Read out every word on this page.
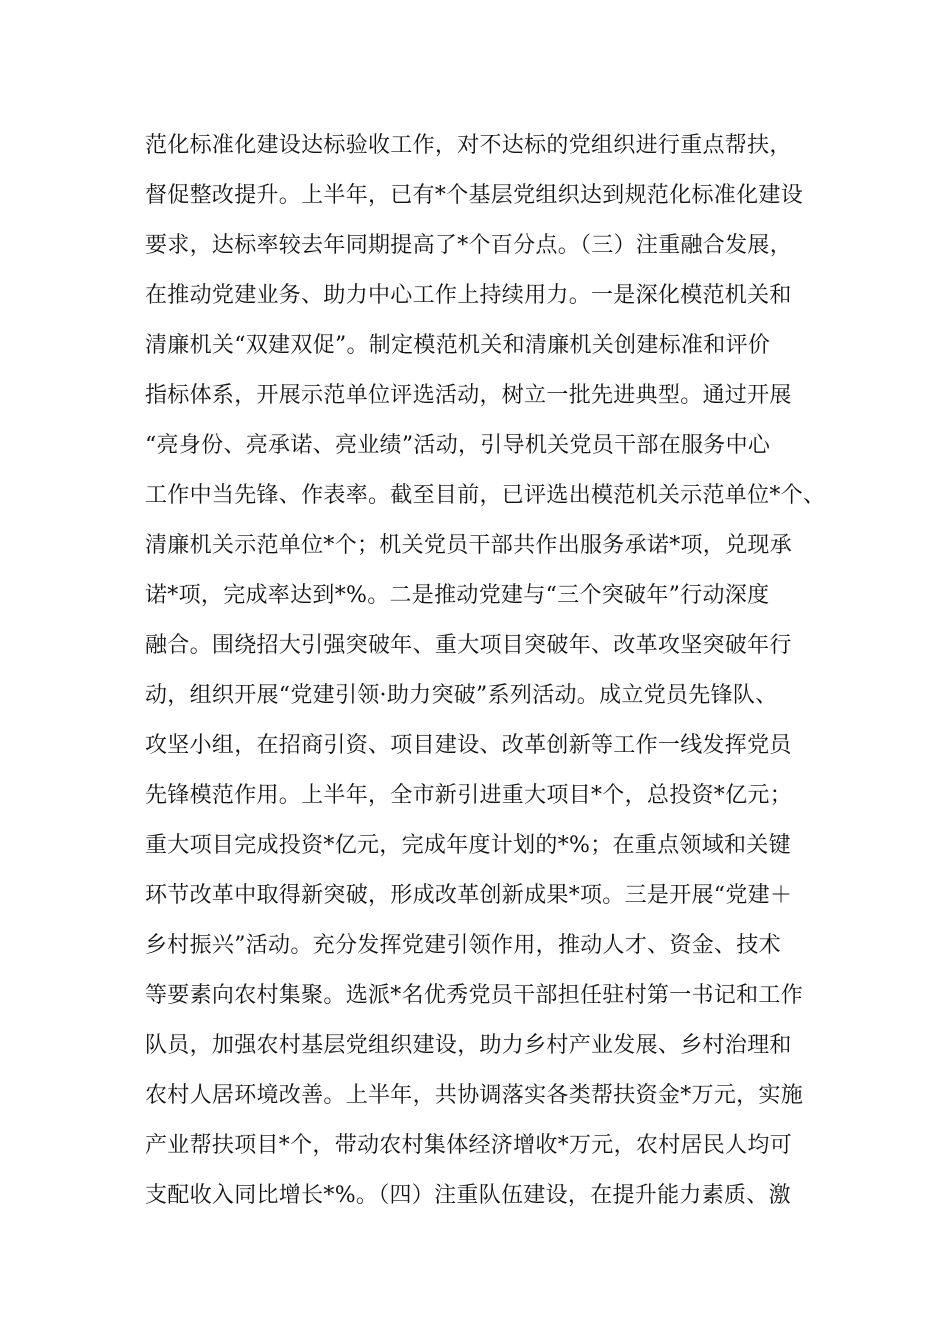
范化标准化建设达标验收工作，对不达标的党组织进行重点帮扶，
督促整改提升。上半年，已有*个基层党组织达到规范化标准化建设
要求，达标率较去年同期提高了*个百分点。（三）注重融合发展，
在推动党建业务、助力中心工作上持续用力。一是深化模范机关和
清廉机关“双建双促”。制定模范机关和清廉机关创建标准和评价
指标体系，开展示范单位评选活动，树立一批先进典型。通过开展
“亮身份、亮承诺、亮业绩”活动，引导机关党员干部在服务中心
工作中当先锋、作表率。截至目前，已评选出模范机关示范单位*个、
清廉机关示范单位*个；机关党员干部共作出服务承诺*项，兑现承
诺*项，完成率达到*%。二是推动党建与“三个突破年”行动深度
融合。围绕招大引强突破年、重大项目突破年、改革攻坚突破年行
动，组织开展“党建引领·助力突破”系列活动。成立党员先锋队、
攻坚小组，在招商引资、项目建设、改革创新等工作一线发挥党员
先锋模范作用。上半年，全市新引进重大项目*个，总投资*亿元；
重大项目完成投资*亿元，完成年度计划的*%；在重点领域和关键
环节改革中取得新突破，形成改革创新成果*项。三是开展“党建＋
乡村振兴”活动。充分发挥党建引领作用，推动人才、资金、技术
等要素向农村集聚。选派*名优秀党员干部担任驻村第一书记和工作
队员，加强农村基层党组织建设，助力乡村产业发展、乡村治理和
农村人居环境改善。上半年，共协调落实各类帮扶资金*万元，实施
产业帮扶项目*个，带动农村集体经济增收*万元，农村居民人均可
支配收入同比增长*%。（四）注重队伍建设，在提升能力素质、激
